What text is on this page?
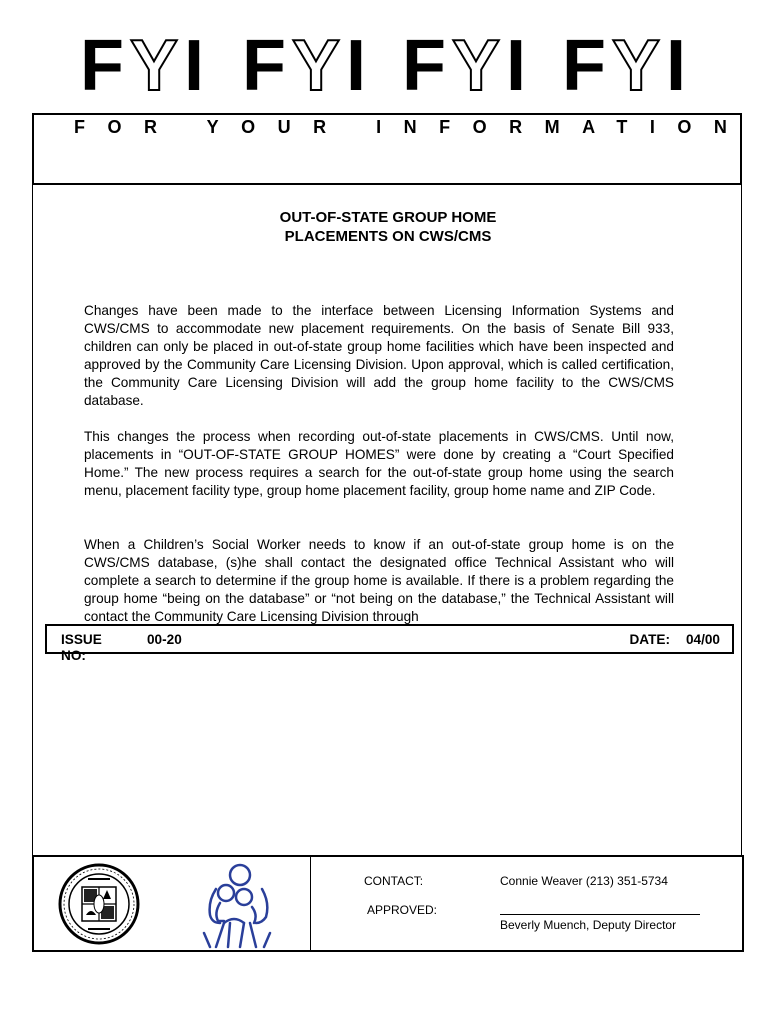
F Y I F Y I F Y I F Y I
FOR YOUR INFORMATION
OUT-OF-STATE GROUP HOME
PLACEMENTS ON CWS/CMS

Changes have been made to the interface between Licensing Information Systems and CWS/CMS to accommodate new placement requirements. On the basis of Senate Bill 933, children can only be placed in out-of-state group home facilities which have been inspected and approved by the Community Care Licensing Division. Upon approval, which is called certification, the Community Care Licensing Division will add the group home facility to the CWS/CMS database.

This changes the process when recording out-of-state placements in CWS/CMS. Until now, placements in “OUT-OF-STATE GROUP HOMES” were done by creating a “Court Specified Home.” The new process requires a search for the out-of-state group home using the search menu, placement facility type, group home placement facility, group home name and ZIP Code.

When a Children’s Social Worker needs to know if an out-of-state group home is on the CWS/CMS database, (s)he shall contact the designated office Technical Assistant who will complete a search to determine if the group home is available. If there is a problem regarding the group home “being on the database” or “not being on the database,” the Technical Assistant will contact the Community Care Licensing Division through

ISSUE NO:
00-20	DATE: 04/00
CONTACT:	Connie Weaver (213) 351-5734
APPROVED:
Beverly Muench, Deputy Director
